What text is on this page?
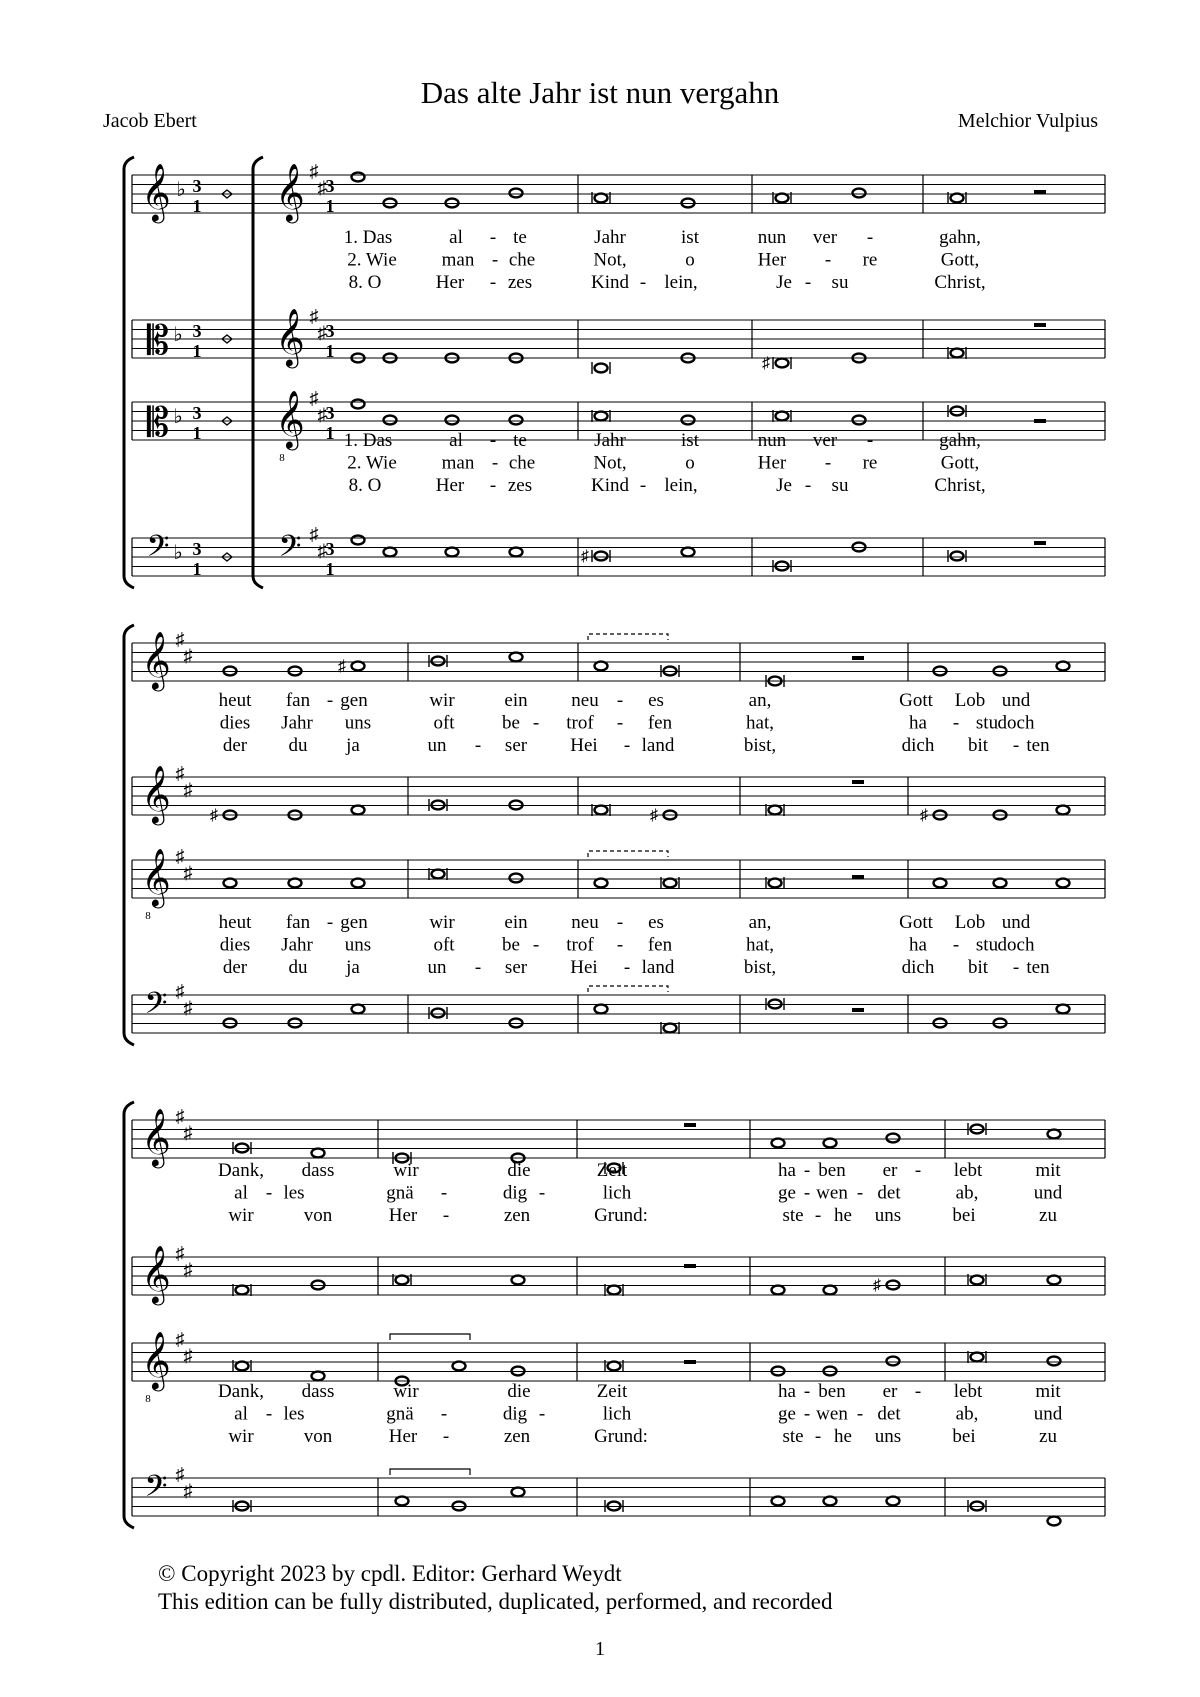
Das alte Jahr ist nun vergahn
Jacob Ebert	Melchior Vulpius
𝄞 ♭ 3
1
𝄡 ♭ 3
1
𝄡 ♭ 3
1
𝄢 ♭ 3
1
𝄞 ♯
♯ 3
1
𝄞 ♯
♯ 3
1
𝄞 ♯
♯ 3
1
8
𝄢 ♯
♯ 3
1
♯
♯
𝄞 ♯
♯
𝄞 ♯
♯
𝄞 ♯
♯
𝄢 ♯
♯
8
♯
♯	♯	♯
𝄞 ♯
♯
𝄞 ♯
♯
𝄞 ♯
♯
𝄢 ♯
♯
8
♯
1. Das	al - te	Jahr	ist	nun ver -	gahn,
2. Wie man - che	Not,	o	Her - re	Gott,
8. O	Her - zes	Kind - lein,	Je - su	Christ,
1. Das	al - te	Jahr	ist	nun ver -	gahn,
2. Wie man - che	Not,	o	Her - re	Gott,
8. O	Her - zes	Kind - lein,	Je - su	Christ,
heut fan - gen	wir	ein neu - es	an,	Gott Lob und
dies Jahr uns	oft be - trof - fen	hat,	ha - stu doch
der du ja	un - ser Hei - land	bist,	dich bit - ten
heut fan - gen	wir	ein neu - es	an,	Gott Lob und
dies Jahr uns	oft be - trof - fen	hat,	ha - stu doch
der du ja	un - ser Hei - land	bist,	dich bit - ten
Dank, dass	wir	die	Zeit	ha - ben er - lebt	mit
al - les	gnä -	dig -	lich	ge - wen - det	ab,	und
wir	von	Her -	zen	Grund:	ste - he uns	bei	zu
Dank, dass	wir	die	Zeit	ha - ben er - lebt	mit
al - les	gnä -	dig -	lich	ge - wen - det	ab,	und
wir	von	Her -	zen	Grund:	ste - he uns	bei	zu
© Copyright 2023 by cpdl. Editor: Gerhard Weydt
This edition can be fully distributed, duplicated, performed, and recorded
1
